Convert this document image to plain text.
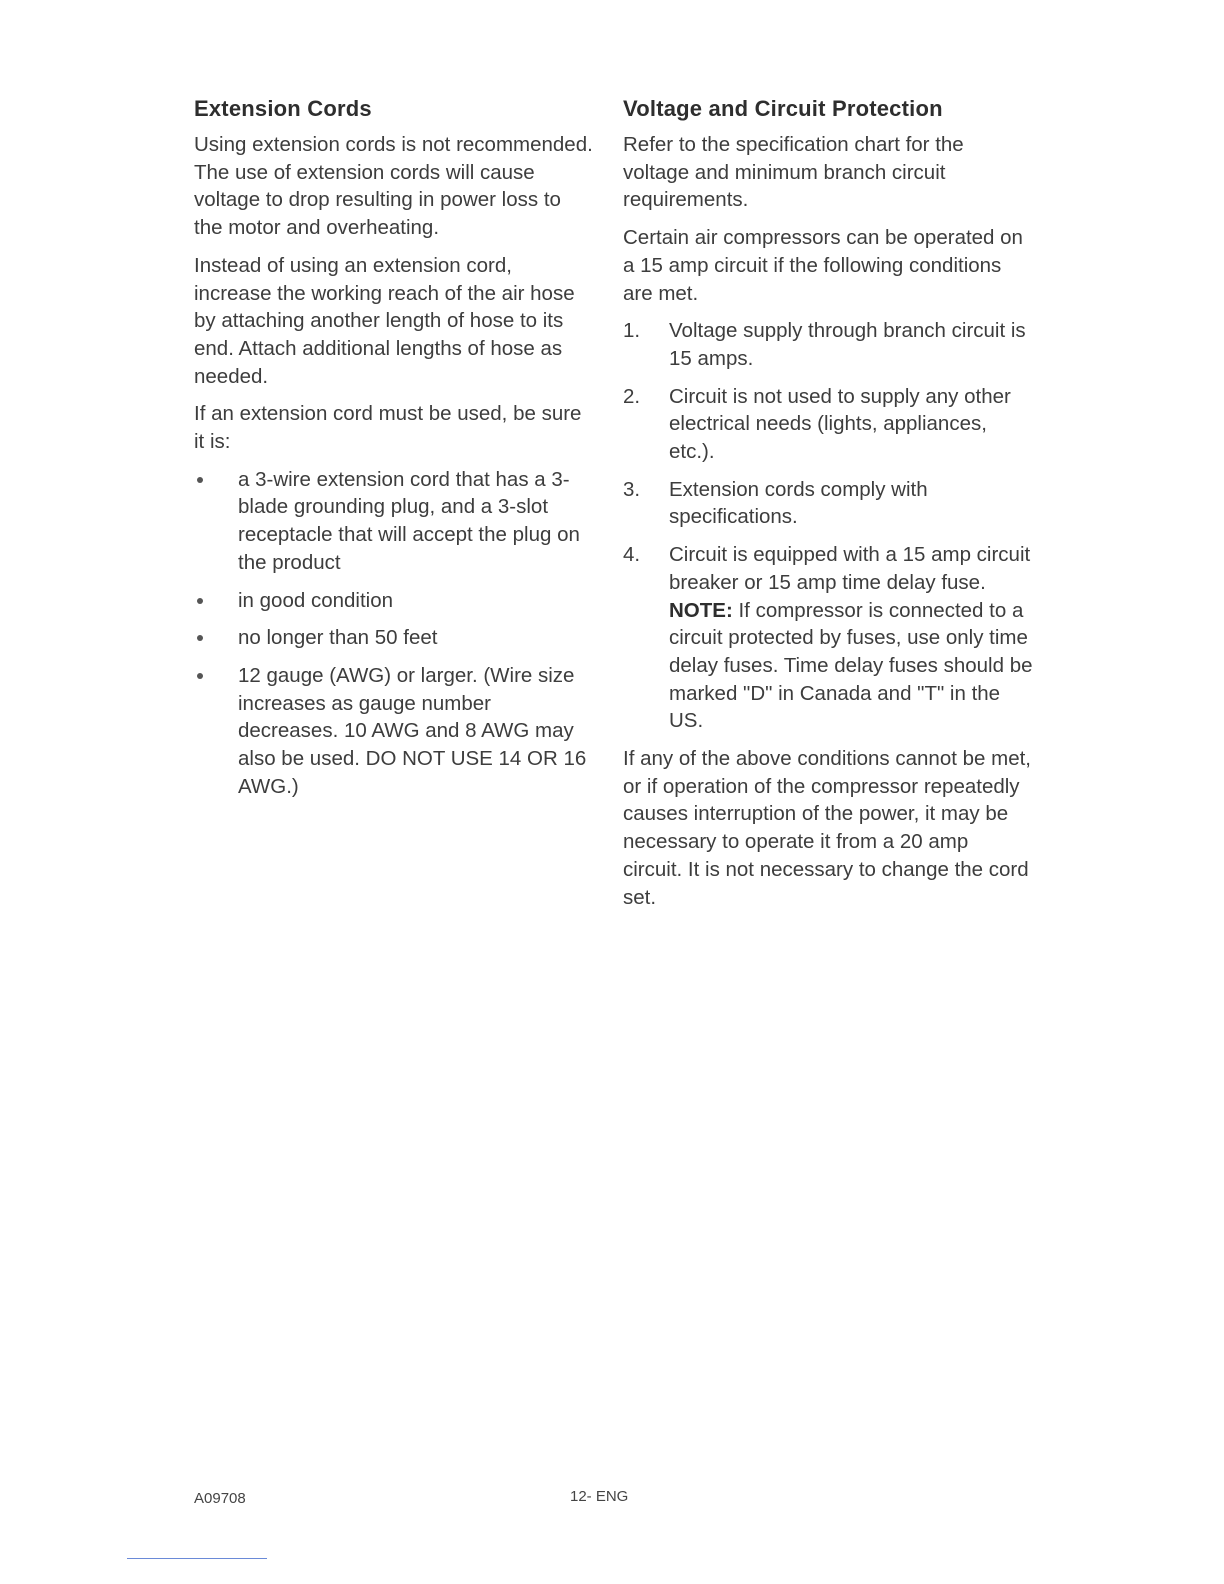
Extension Cords

Using extension cords is not recommended. The use of extension cords will cause voltage to drop resulting in power loss to the motor and overheating.

Instead of using an extension cord, increase the working reach of the air hose by attaching another length of hose to its end. Attach additional lengths of hose as needed.

If an extension cord must be used, be sure it is:

a 3-wire extension cord that has a 3-blade grounding plug, and a 3-slot receptacle that will accept the plug on the product
in good condition
no longer than 50 feet
12 gauge (AWG) or larger. (Wire size increases as gauge number decreases. 10 AWG and 8 AWG may also be used. DO NOT USE 14 OR 16 AWG.)
Voltage and Circuit Protection

Refer to the specification chart for the voltage and minimum branch circuit requirements.

Certain air compressors can be operated on a 15 amp circuit if the following conditions are met.

1. Voltage supply through branch circuit is 15 amps.
2. Circuit is not used to supply any other electrical needs (lights, appliances, etc.).
3. Extension cords comply with specifications.
4. Circuit is equipped with a 15 amp circuit breaker or 15 amp time delay fuse. NOTE: If compressor is connected to a circuit protected by fuses, use only time delay fuses. Time delay fuses should be marked "D" in Canada and "T" in the US.

If any of the above conditions cannot be met, or if operation of the compressor repeatedly causes interruption of the power, it may be necessary to operate it from a 20 amp circuit. It is not necessary to change the cord set.

A09708	12- ENG
